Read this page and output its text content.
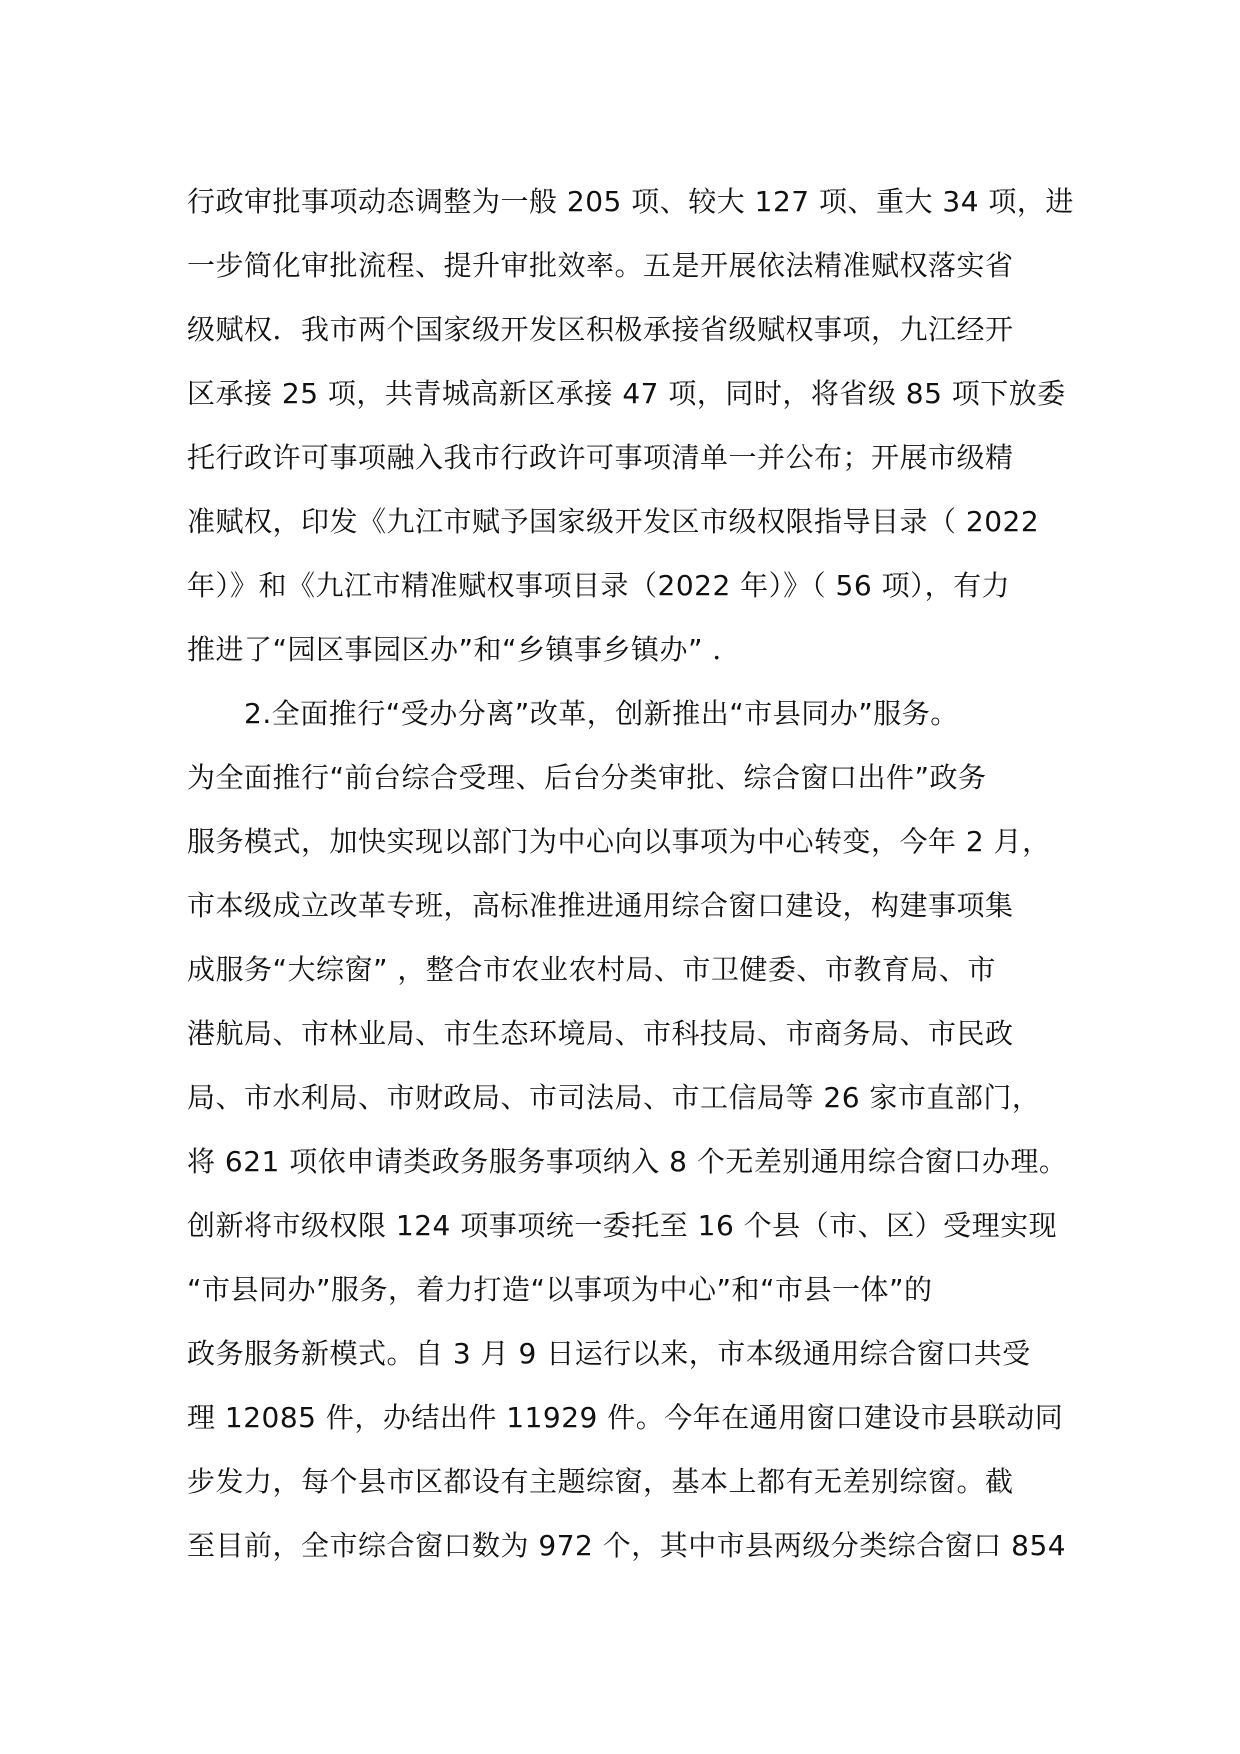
行政审批事项动态调整为一般 205 项、较大 127 项、重大 34 项，进
一步简化审批流程、提升审批效率。五是开展依法精准赋权落实省
级赋权．我市两个国家级开发区积极承接省级赋权事项，九江经开
区承接 25 项，共青城高新区承接 47 项，同时，将省级 85 项下放委
托行政许可事项融入我市行政许可事项清单一并公布；开展市级精
准赋权，印发《九江市赋予国家级开发区市级权限指导目录（ 2022
年）》和《九江市精准赋权事项目录（2022 年）》（ 56 项），有力
推进了“园区事园区办”和“乡镇事乡镇办” ．
　　2.全面推行“受办分离”改革，创新推出“市县同办”服务。
为全面推行“前台综合受理、后台分类审批、综合窗口出件”政务
服务模式，加快实现以部门为中心向以事项为中心转变，今年 2 月，
市本级成立改革专班，高标准推进通用综合窗口建设，构建事项集
成服务“大综窗” ，整合市农业农村局、市卫健委、市教育局、市
港航局、市林业局、市生态环境局、市科技局、市商务局、市民政
局、市水利局、市财政局、市司法局、市工信局等 26 家市直部门，
将 621 项依申请类政务服务事项纳入 8 个无差别通用综合窗口办理。
创新将市级权限 124 项事项统一委托至 16 个县（市、区）受理实现
“市县同办”服务，着力打造“以事项为中心”和“市县一体”的
政务服务新模式。自 3 月 9 日运行以来，市本级通用综合窗口共受
理 12085 件，办结出件 11929 件。今年在通用窗口建设市县联动同
步发力，每个县市区都设有主题综窗，基本上都有无差别综窗。截
至目前，全市综合窗口数为 972 个，其中市县两级分类综合窗口 854
